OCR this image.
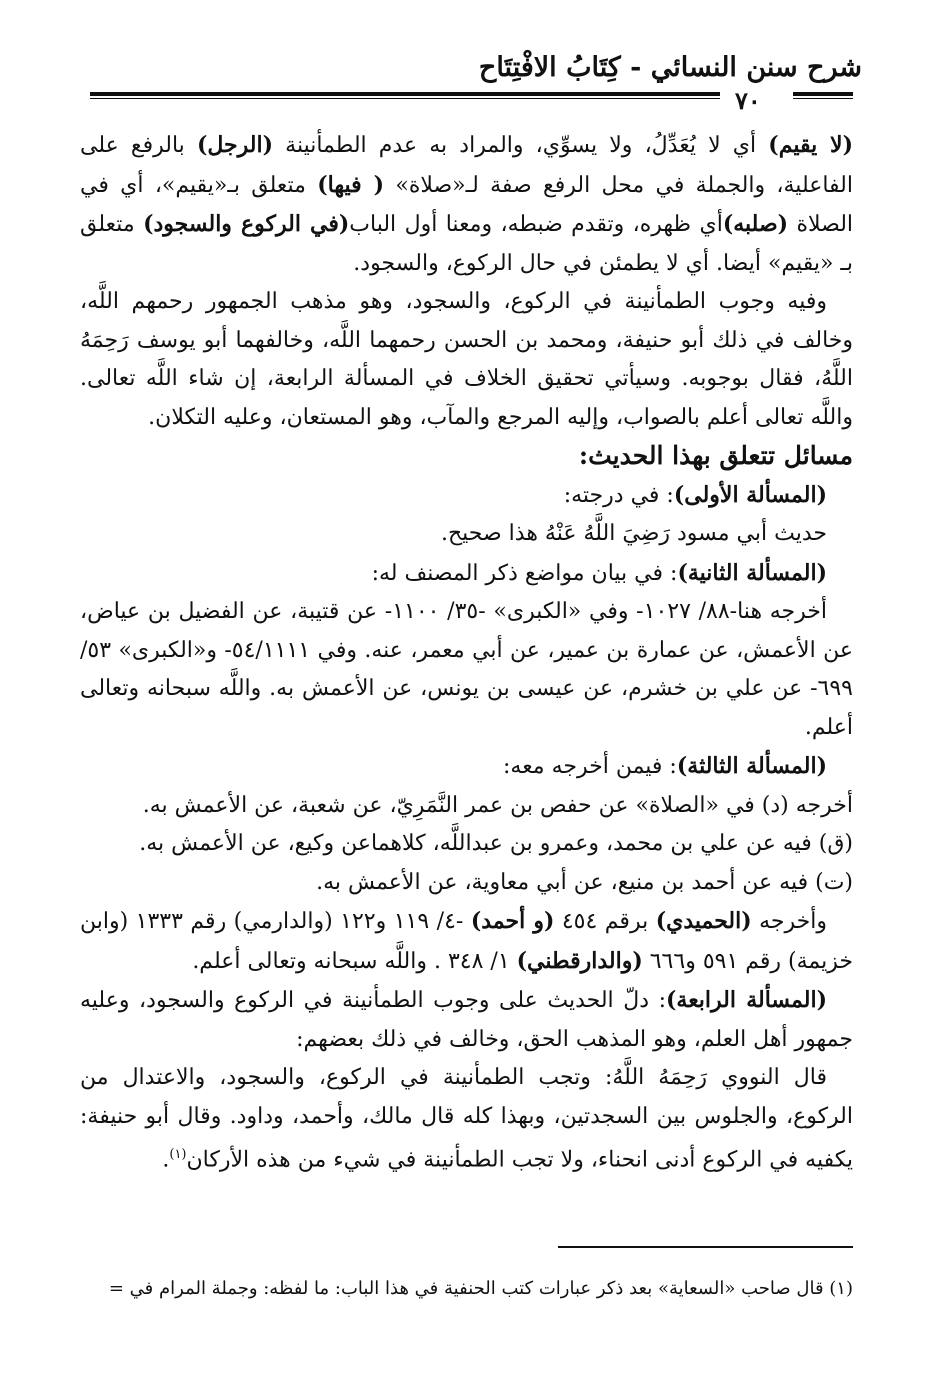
شرح سنن النسائي - كِتَابُ الافْتِتَاح
٧٠

(لا يقيم) أي لا يُعَدِّلُ، ولا يسوِّي، والمراد به عدم الطمأنينة (الرجل) بالرفع على الفاعلية، والجملة في محل الرفع صفة لـ«صلاة» ( فيها) متعلق بـ«يقيم»، أي في الصلاة (صلبه)أي ظهره، وتقدم ضبطه، ومعنا أول الباب(في الركوع والسجود) متعلق بـ «يقيم» أيضا. أي لا يطمئن في حال الركوع، والسجود.

وفيه وجوب الطمأنينة في الركوع، والسجود، وهو مذهب الجمهور رحمهم اللَّه، وخالف في ذلك أبو حنيفة، ومحمد بن الحسن رحمهما اللَّه، وخالفهما أبو يوسف رَحِمَهُ اللَّهُ، فقال بوجوبه. وسيأتي تحقيق الخلاف في المسألة الرابعة، إن شاء اللَّه تعالى. واللَّه تعالى أعلم بالصواب، وإليه المرجع والمآب، وهو المستعان، وعليه التكلان.

مسائل تتعلق بهذا الحديث:

(المسألة الأولى): في درجته:

حديث أبي مسود رَضِيَ اللَّهُ عَنْهُ هذا صحيح.

(المسألة الثانية): في بيان مواضع ذكر المصنف له:

أخرجه هنا-٨٨/ ١٠٢٧- وفي «الكبرى» -٣٥/ ١١٠٠- عن قتيبة، عن الفضيل بن عياض، عن الأعمش، عن عمارة بن عمير، عن أبي معمر، عنه. وفي ٥٤/١١١١- و«الكبرى» ٥٣/ ٦٩٩- عن علي بن خشرم، عن عيسى بن يونس، عن الأعمش به. واللَّه سبحانه وتعالى أعلم.

(المسألة الثالثة): فيمن أخرجه معه:

أخرجه (د) في «الصلاة» عن حفص بن عمر النَّمَرِيّ، عن شعبة، عن الأعمش به.

(ق) فيه عن علي بن محمد، وعمرو بن عبداللَّه، كلاهماعن وكيع، عن الأعمش به.

(ت) فيه عن أحمد بن منيع، عن أبي معاوية، عن الأعمش به.

وأخرجه (الحميدي) برقم ٤٥٤ (و أحمد) -٤/ ١١٩ و١٢٢ (والدارمي) رقم ١٣٣٣ (وابن خزيمة) رقم ٥٩١ و٦٦٦ (والدارقطني) ١/ ٣٤٨ . واللَّه سبحانه وتعالى أعلم.

(المسألة الرابعة): دلّ الحديث على وجوب الطمأنينة في الركوع والسجود، وعليه جمهور أهل العلم، وهو المذهب الحق، وخالف في ذلك بعضهم:

قال النووي رَحِمَهُ اللَّهُ: وتجب الطمأنينة في الركوع، والسجود، والاعتدال من الركوع، والجلوس بين السجدتين، وبهذا كله قال مالك، وأحمد، وداود. وقال أبو حنيفة: يكفيه في الركوع أدنى انحناء، ولا تجب الطمأنينة في شيء من هذه الأركان$^{(١)}$.

(١) قال صاحب «السعاية» بعد ذكر عبارات كتب الحنفية في هذا الباب: ما لفظه: وجملة المرام في =
